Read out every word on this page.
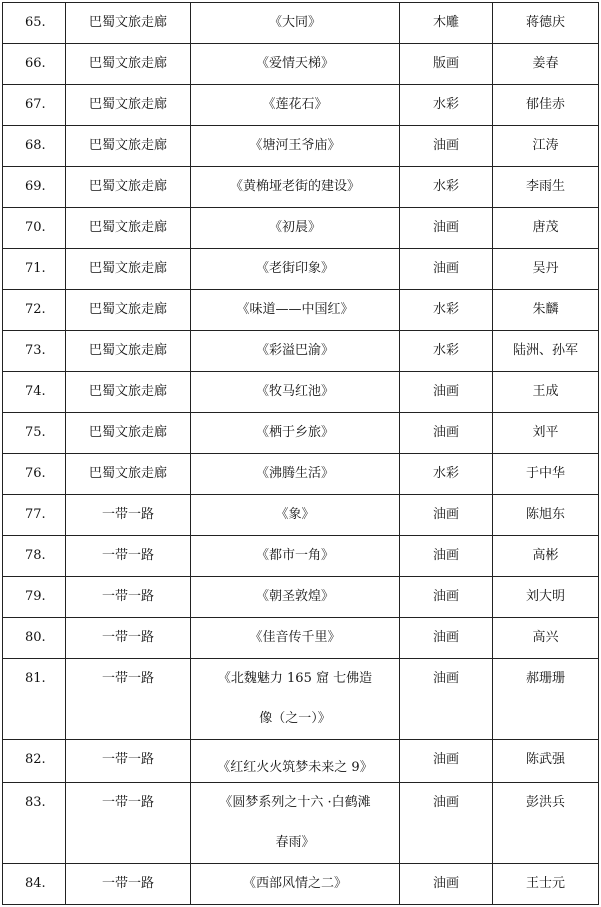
65.	巴蜀文旅走廊	《大同》	木雕	蒋德庆
66.	巴蜀文旅走廊	《爱情天梯》	版画	姜春
67.	巴蜀文旅走廊	《莲花石》	水彩	郁佳赤
68.	巴蜀文旅走廊	《塘河王爷庙》	油画	江涛
69.	巴蜀文旅走廊	《黄桷垭老街的建设》	水彩	李雨生
70.	巴蜀文旅走廊	《初晨》	油画	唐茂
71.	巴蜀文旅走廊	《老街印象》	油画	吴丹
72.	巴蜀文旅走廊	《味道——中国红》	水彩	朱麟
73.	巴蜀文旅走廊	《彩溢巴渝》	水彩	陆洲、孙军
74.	巴蜀文旅走廊	《牧马红池》	油画	王成
75.	巴蜀文旅走廊	《栖于乡旅》	油画	刘平
76.	巴蜀文旅走廊	《沸腾生活》	水彩	于中华
77.	一带一路	《象》	油画	陈旭东
78.	一带一路	《都市一角》	油画	高彬
79.	一带一路	《朝圣敦煌》	油画	刘大明
80.	一带一路	《佳音传千里》	油画	高兴
81.	一带一路	《北魏魅力 165 窟 七佛造
像（之一）》	油画	郝珊珊
82.	一带一路	《红红火火筑梦未来之 9》	油画	陈武强
83.	一带一路	《圆梦系列之十六 ·白鹤滩
春雨》	油画	彭洪兵
84.	一带一路	《西部风情之二》	油画	王士元
